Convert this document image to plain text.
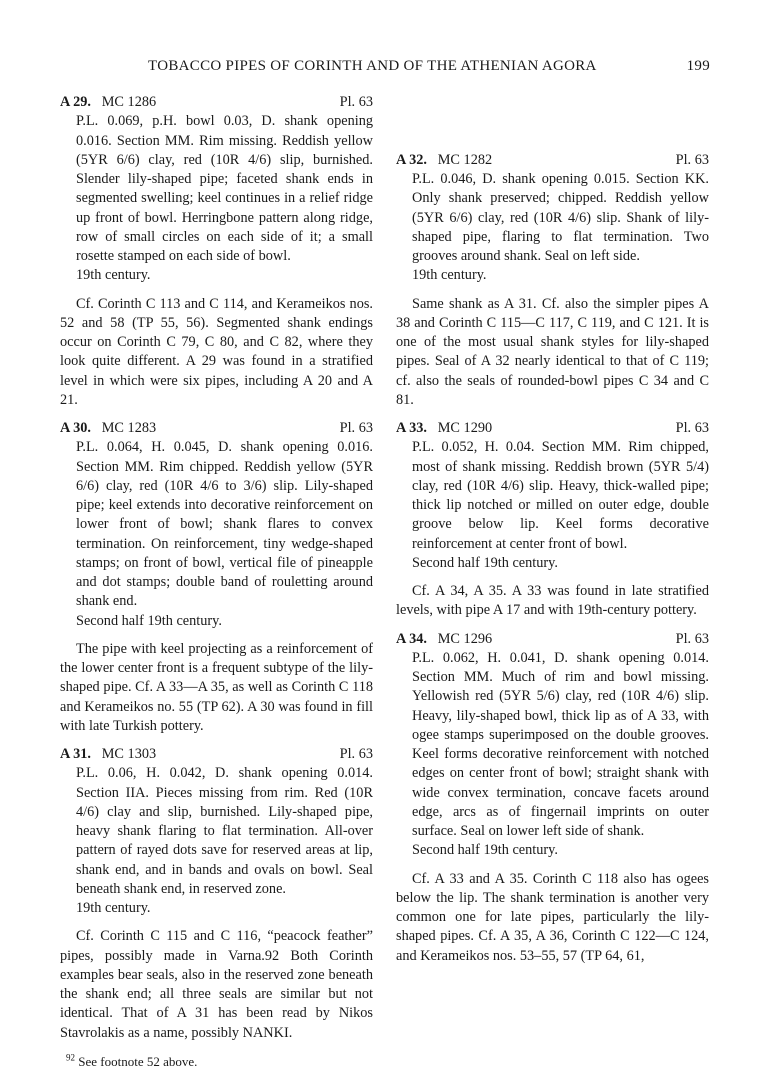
TOBACCO PIPES OF CORINTH AND OF THE ATHENIAN AGORA	199
A 29. MC 1286	Pl. 63

P.L. 0.069, p.H. bowl 0.03, D. shank opening 0.016. Section MM. Rim missing. Reddish yellow (5YR 6/6) clay, red (10R 4/6) slip, burnished. Slender lily-shaped pipe; faceted shank ends in segmented swelling; keel continues in a relief ridge up front of bowl. Herringbone pattern along ridge, row of small circles on each side of it; a small rosette stamped on each side of bowl.

19th century.

Cf. Corinth C 113 and C 114, and Kerameikos nos. 52 and 58 (TP 55, 56). Segmented shank endings occur on Corinth C 79, C 80, and C 82, where they look quite different. A 29 was found in a stratified level in which were six pipes, including A 20 and A 21.

A 30. MC 1283	Pl. 63

P.L. 0.064, H. 0.045, D. shank opening 0.016. Section MM. Rim chipped. Reddish yellow (5YR 6/6) clay, red (10R 4/6 to 3/6) slip. Lily-shaped pipe; keel extends into decorative reinforcement on lower front of bowl; shank flares to convex termination. On reinforcement, tiny wedge-shaped stamps; on front of bowl, vertical file of pineapple and dot stamps; double band of rouletting around shank end.

Second half 19th century.

The pipe with keel projecting as a reinforcement of the lower center front is a frequent subtype of the lily-shaped pipe. Cf. A 33—A 35, as well as Corinth C 118 and Kerameikos no. 55 (TP 62). A 30 was found in fill with late Turkish pottery.

A 31. MC 1303	Pl. 63

P.L. 0.06, H. 0.042, D. shank opening 0.014. Section ΙΙA. Pieces missing from rim. Red (10R 4/6) clay and slip, burnished. Lily-shaped pipe, heavy shank flaring to flat termination. All-over pattern of rayed dots save for reserved areas at lip, shank end, and in bands and ovals on bowl. Seal beneath shank end, in reserved zone.

19th century.

Cf. Corinth C 115 and C 116, “peacock feather” pipes, possibly made in Varna.92 Both Corinth examples bear seals, also in the reserved zone beneath the shank end; all three seals are similar but not identical. That of A 31 has been read by Nikos Stavrolakis as a name, possibly NANKI.

$^{92}$ See footnote 52 above.
A 32. MC 1282	Pl. 63

P.L. 0.046, D. shank opening 0.015. Section KK. Only shank preserved; chipped. Reddish yellow (5YR 6/6) clay, red (10R 4/6) slip. Shank of lily-shaped pipe, flaring to flat termination. Two grooves around shank. Seal on left side.

19th century.

Same shank as A 31. Cf. also the simpler pipes A 38 and Corinth C 115—C 117, C 119, and C 121. It is one of the most usual shank styles for lily-shaped pipes. Seal of A 32 nearly identical to that of C 119; cf. also the seals of rounded-bowl pipes C 34 and C 81.

A 33. MC 1290	Pl. 63

P.L. 0.052, H. 0.04. Section MM. Rim chipped, most of shank missing. Reddish brown (5YR 5/4) clay, red (10R 4/6) slip. Heavy, thick-walled pipe; thick lip notched or milled on outer edge, double groove below lip. Keel forms decorative reinforcement at center front of bowl.

Second half 19th century.

Cf. A 34, A 35. A 33 was found in late stratified levels, with pipe A 17 and with 19th-century pottery.

A 34. MC 1296	Pl. 63

P.L. 0.062, H. 0.041, D. shank opening 0.014. Section MM. Much of rim and bowl missing. Yellowish red (5YR 5/6) clay, red (10R 4/6) slip. Heavy, lily-shaped bowl, thick lip as of A 33, with ogee stamps superimposed on the double grooves. Keel forms decorative reinforcement with notched edges on center front of bowl; straight shank with wide convex termination, concave facets around edge, arcs as of fingernail imprints on outer surface. Seal on lower left side of shank.

Second half 19th century.

Cf. A 33 and A 35. Corinth C 118 also has ogees below the lip. The shank termination is another very common one for late pipes, particularly the lily-shaped pipes. Cf. A 35, A 36, Corinth C 122—C 124, and Kerameikos nos. 53–55, 57 (TP 64, 61,
